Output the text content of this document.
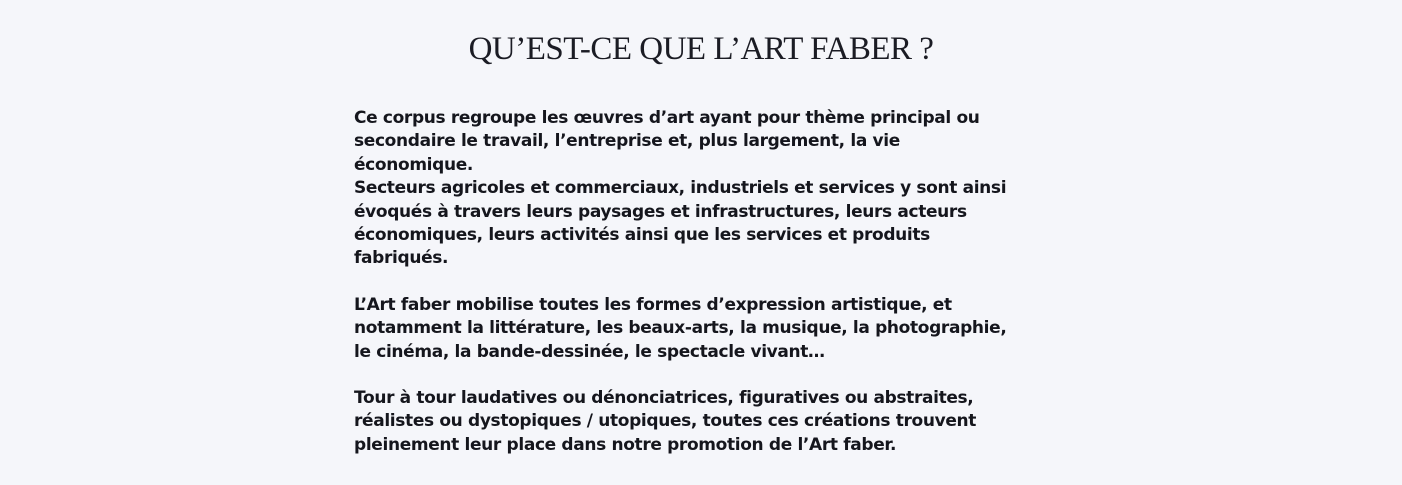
QU’EST-CE QUE L’ART FABER ?

Ce corpus regroupe les œuvres d’art ayant pour thème principal ou
secondaire le travail, l’entreprise et, plus largement, la vie
économique.
Secteurs agricoles et commerciaux, industriels et services y sont ainsi
évoqués à travers leurs paysages et infrastructures, leurs acteurs
économiques, leurs activités ainsi que les services et produits
fabriqués.

L’Art faber mobilise toutes les formes d’expression artistique, et
notamment la littérature, les beaux-arts, la musique, la photographie,
le cinéma, la bande-dessinée, le spectacle vivant…

Tour à tour laudatives ou dénonciatrices, figuratives ou abstraites,
réalistes ou dystopiques / utopiques, toutes ces créations trouvent
pleinement leur place dans notre promotion de l’Art faber.
